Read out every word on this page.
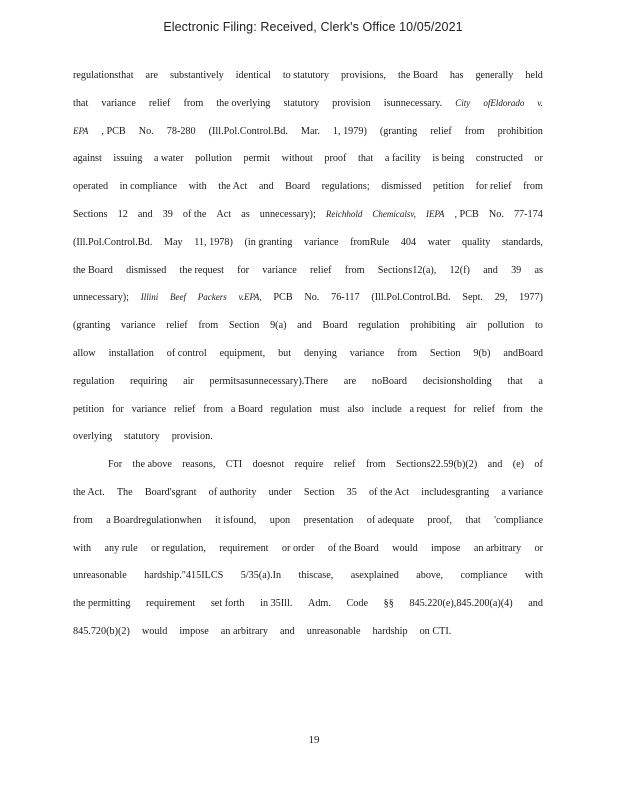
Electronic Filing: Received, Clerk's Office 10/05/2021
regulationsthat are substantively identical to statutory provisions, the Board has generally held
that variance relief from the overlying statutory provision isunnecessary. City ofEldorado v.
EPA , PCB No. 78-280 (Ill.Pol.Control.Bd. Mar. 1, 1979) (granting relief from prohibition
against issuing a water pollution permit without proof that a facility is being constructed or
operated in compliance with the Act and Board regulations; dismissed petition for relief from
Sections 12 and 39 of the Act as unnecessary); Reichhold Chemicalsv, IEPA , PCB No. 77-174
(Ill.Pol.Control.Bd. May 11, 1978) (in granting variance fromRule 404 water quality standards,
the Board dismissed the request for variance relief from Sections12(a), 12(f) and 39 as
unnecessary); Illini Beef Packers v.EPA, PCB No. 76-117 (Ill.Pol.Control.Bd. Sept. 29, 1977)
(granting variance relief from Section 9(a) and Board regulation prohibiting air pollution to
allow installation of control equipment, but denying variance from Section 9(b) andBoard
regulation requiring air permitsasunnecessary).There are noBoard decisionsholding that a
petition for variance relief from a Board regulation must also include a request for relief from the
overlying statutory provision.
For the above reasons, CTI doesnot require relief from Sections22.59(b)(2) and (e) of
the Act. The Board'sgrant of authority under Section 35 of the Act includesgranting a variance
from a Boardregulationwhen it isfound, upon presentation of adequate proof, that 'compliance
with any rule or regulation, requirement or order of the Board would impose an arbitrary or
unreasonable hardship."415ILCS 5/35(a).In thiscase, asexplained above, compliance with
the permitting requirement set forth in 35Ill. Adm. Code §§ 845.220(e),845.200(a)(4) and
845.720(b)(2) would impose an arbitrary and unreasonable hardship on CTI.
19
